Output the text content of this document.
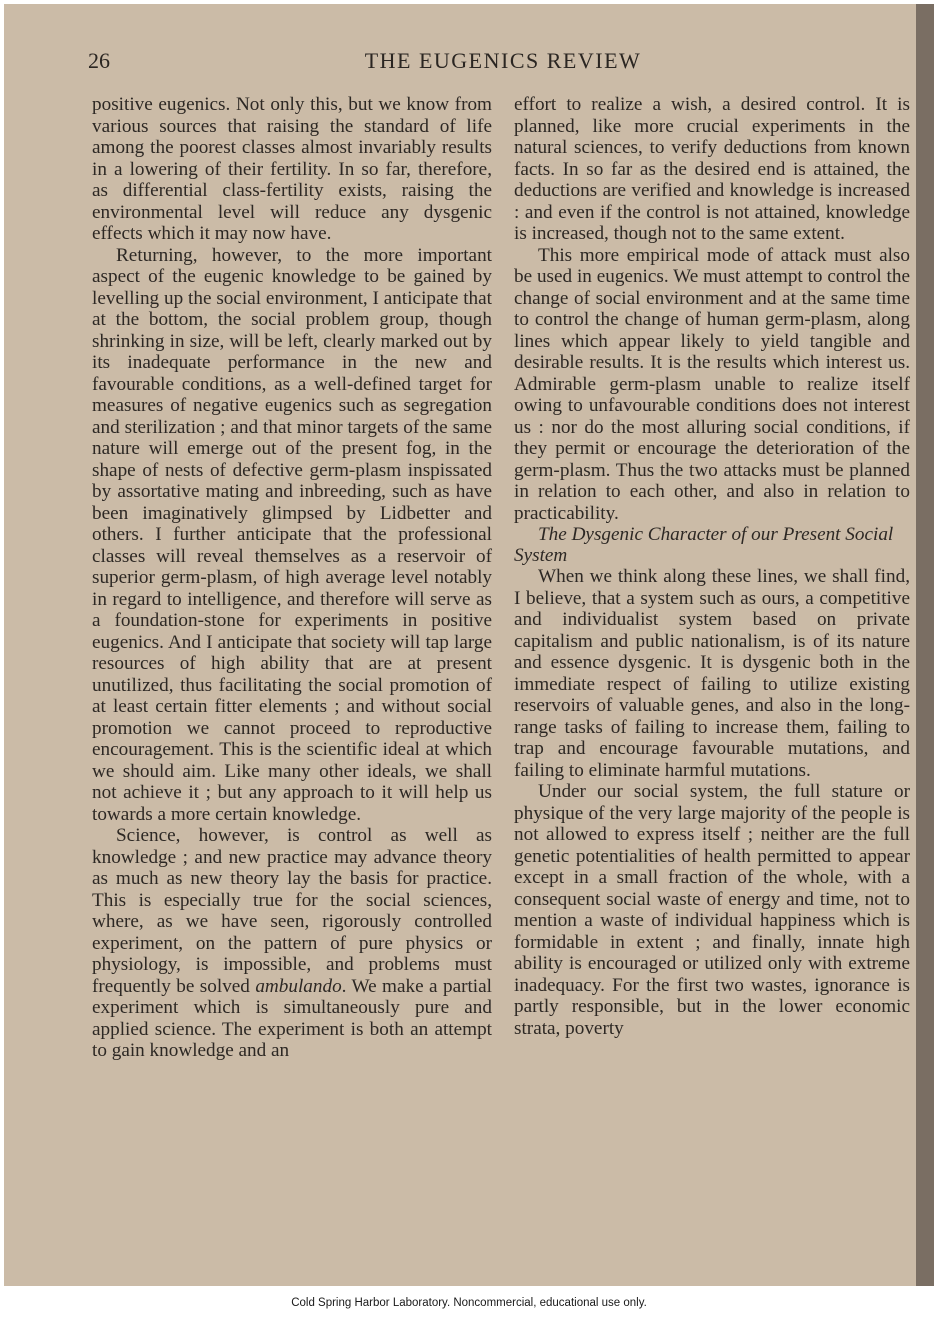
26	THE EUGENICS REVIEW

positive eugenics. Not only this, but we know from various sources that raising the standard of life among the poorest classes almost invariably results in a lowering of their fertility. In so far, therefore, as differential class-fertility exists, raising the environmental level will reduce any dysgenic effects which it may now have.

Returning, however, to the more important aspect of the eugenic knowledge to be gained by levelling up the social environment, I anticipate that at the bottom, the social problem group, though shrinking in size, will be left, clearly marked out by its inadequate performance in the new and favourable conditions, as a well-defined target for measures of negative eugenics such as segregation and sterilization ; and that minor targets of the same nature will emerge out of the present fog, in the shape of nests of defective germ-plasm inspissated by assortative mating and inbreeding, such as have been imaginatively glimpsed by Lidbetter and others. I further anticipate that the professional classes will reveal themselves as a reservoir of superior germ-plasm, of high average level notably in regard to intelligence, and therefore will serve as a foundation-stone for experiments in positive eugenics. And I anticipate that society will tap large resources of high ability that are at present unutilized, thus facilitating the social promotion of at least certain fitter elements ; and without social promotion we cannot proceed to reproductive encouragement. This is the scientific ideal at which we should aim. Like many other ideals, we shall not achieve it ; but any approach to it will help us towards a more certain knowledge.

Science, however, is control as well as knowledge ; and new practice may advance theory as much as new theory lay the basis for practice. This is especially true for the social sciences, where, as we have seen, rigorously controlled experiment, on the pattern of pure physics or physiology, is impossible, and problems must frequently be solved ambulando. We make a partial experiment which is simultaneously pure and applied science. The experiment is both an attempt to gain knowledge and an

effort to realize a wish, a desired control. It is planned, like more crucial experiments in the natural sciences, to verify deductions from known facts. In so far as the desired end is attained, the deductions are verified and knowledge is increased : and even if the control is not attained, knowledge is increased, though not to the same extent.

This more empirical mode of attack must also be used in eugenics. We must attempt to control the change of social environment and at the same time to control the change of human germ-plasm, along lines which appear likely to yield tangible and desirable results. It is the results which interest us. Admirable germ-plasm unable to realize itself owing to unfavourable conditions does not interest us : nor do the most alluring social conditions, if they permit or encourage the deterioration of the germ-plasm. Thus the two attacks must be planned in relation to each other, and also in relation to practicability.

The Dysgenic Character of our Present Social System

When we think along these lines, we shall find, I believe, that a system such as ours, a competitive and individualist system based on private capitalism and public nationalism, is of its nature and essence dysgenic. It is dysgenic both in the immediate respect of failing to utilize existing reservoirs of valuable genes, and also in the long-range tasks of failing to increase them, failing to trap and encourage favourable mutations, and failing to eliminate harmful mutations.

Under our social system, the full stature or physique of the very large majority of the people is not allowed to express itself ; neither are the full genetic potentialities of health permitted to appear except in a small fraction of the whole, with a consequent social waste of energy and time, not to mention a waste of individual happiness which is formidable in extent ; and finally, innate high ability is encouraged or utilized only with extreme inadequacy. For the first two wastes, ignorance is partly responsible, but in the lower economic strata, poverty

Cold Spring Harbor Laboratory. Noncommercial, educational use only.
